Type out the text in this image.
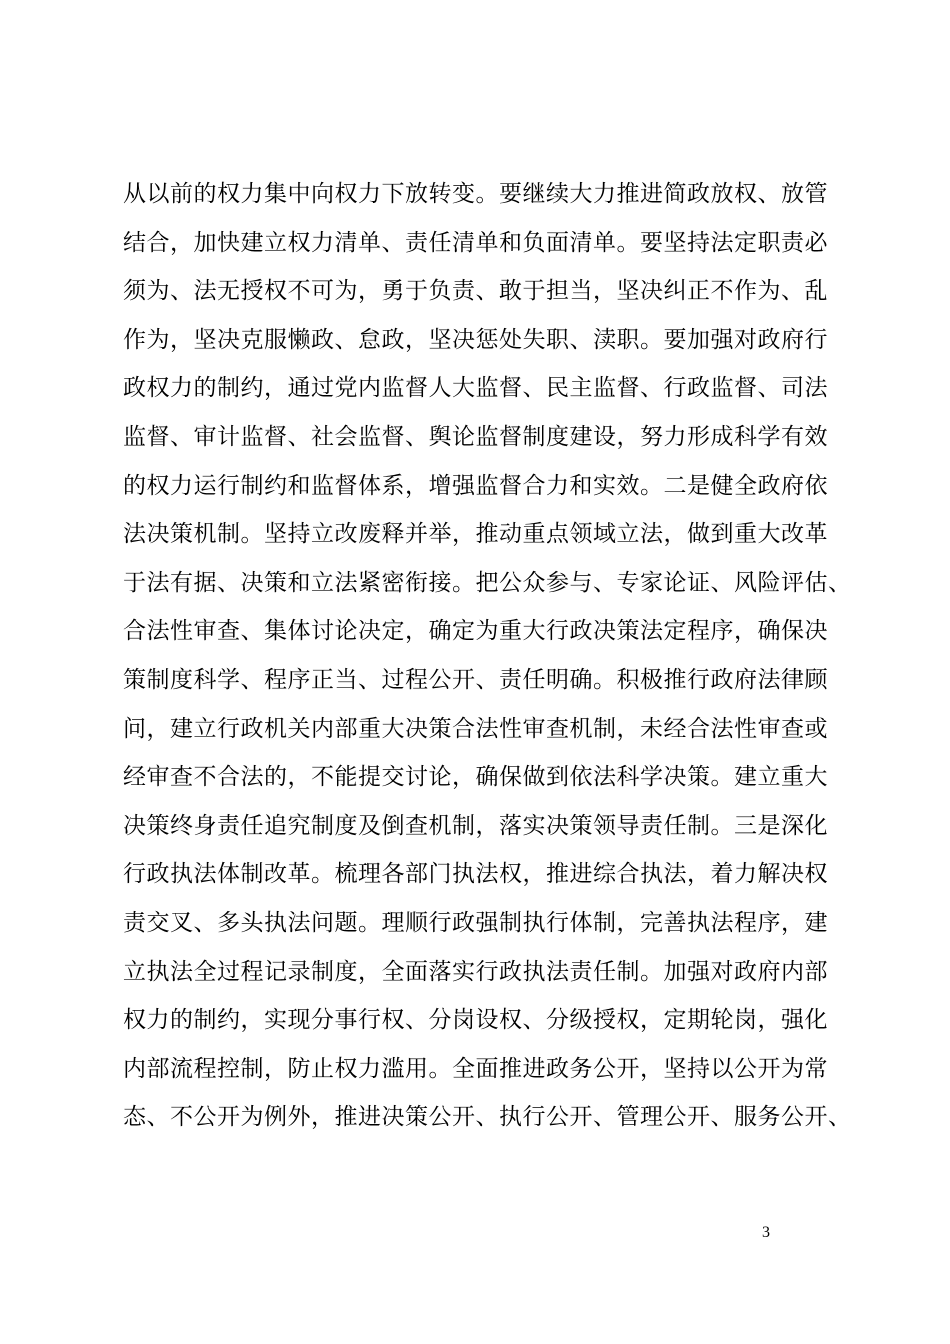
从以前的权力集中向权力下放转变。要继续大力推进简政放权、放管
结合，加快建立权力清单、责任清单和负面清单。要坚持法定职责必
须为、法无授权不可为，勇于负责、敢于担当，坚决纠正不作为、乱
作为，坚决克服懒政、怠政，坚决惩处失职、渎职。要加强对政府行
政权力的制约，通过党内监督人大监督、民主监督、行政监督、司法
监督、审计监督、社会监督、舆论监督制度建设，努力形成科学有效
的权力运行制约和监督体系，增强监督合力和实效。二是健全政府依
法决策机制。坚持立改废释并举，推动重点领域立法，做到重大改革
于法有据、决策和立法紧密衔接。把公众参与、专家论证、风险评估、
合法性审查、集体讨论决定，确定为重大行政决策法定程序，确保决
策制度科学、程序正当、过程公开、责任明确。积极推行政府法律顾
问，建立行政机关内部重大决策合法性审查机制，未经合法性审查或
经审查不合法的，不能提交讨论，确保做到依法科学决策。建立重大
决策终身责任追究制度及倒查机制，落实决策领导责任制。三是深化
行政执法体制改革。梳理各部门执法权，推进综合执法，着力解决权
责交叉、多头执法问题。理顺行政强制执行体制，完善执法程序，建
立执法全过程记录制度，全面落实行政执法责任制。加强对政府内部
权力的制约，实现分事行权、分岗设权、分级授权，定期轮岗，强化
内部流程控制，防止权力滥用。全面推进政务公开，坚持以公开为常
态、不公开为例外，推进决策公开、执行公开、管理公开、服务公开、
3
